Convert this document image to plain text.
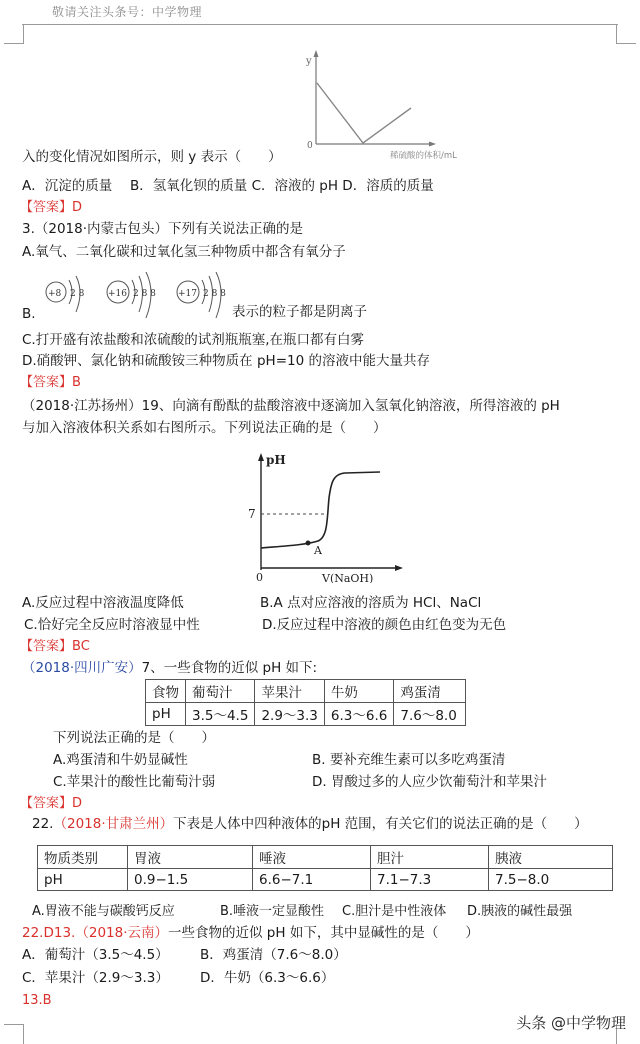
敬请关注头条号：中学物理
y
0
稀硫酸的体积/mL
入的变化情况如图所示，则 y 表示（　　）
A．沉淀的质量　 B．氢氧化钡的质量 C．溶液的 pH D．溶质的质量
【答案】D
3.（2018·内蒙古包头）下列有关说法正确的是
A.氧气、二氧化碳和过氧化氢三种物质中都含有氧分子
B.
+8 2 8	+16 2 8 8 +17 2 8 8
表示的粒子都是阴离子
C.打开盛有浓盐酸和浓硫酸的试剂瓶瓶塞,在瓶口都有白雾
D.硝酸钾、氯化钠和硫酸铵三种物质在 pH=10 的溶液中能大量共存
【答案】B
（2018·江苏扬州）19、向滴有酚酞的盐酸溶液中逐滴加入氢氧化钠溶液，所得溶液的 pH
与加入溶液体积关系如右图所示。下列说法正确的是（　　）
pH
7
0
A
V(NaOH)
A.反应过程中溶液温度降低	B.A 点对应溶液的溶质为 HCl、NaCl
C.恰好完全反应时溶液显中性	D.反应过程中溶液的颜色由红色变为无色
【答案】BC
（2018·四川广安）7、一些食物的近似 pH 如下:
食物	葡萄汁	苹果汁	牛奶	鸡蛋清
pH	3.5～4.5	2.9～3.3	6.3～6.6	7.6～8.0
下列说法正确的是（　　）
A.鸡蛋清和牛奶显碱性	B. 要补充维生素可以多吃鸡蛋清
C.苹果汁的酸性比葡萄汁弱	D. 胃酸过多的人应少饮葡萄汁和苹果汁
【答案】D
22.（2018·甘肃兰州）下表是人体中四种液体的pH 范围，有关它们的说法正确的是（　　）
物质类别	胃液	唾液	胆汁	胰液
pH	0.9−1.5	6.6−7.1	7.1−7.3	7.5−8.0
A.胃液不能与碳酸钙反应	B.唾液一定显酸性 C.胆汁是中性液体 D.胰液的碱性最强
22.D13.（2018·云南）一些食物的近似 pH 如下，其中显碱性的是（　　）
A．葡萄汁（3.5～4.5） B．鸡蛋清（7.6～8.0）
C．苹果汁（2.9～3.3） D．牛奶（6.3～6.6）
13.B
头条 @中学物理
